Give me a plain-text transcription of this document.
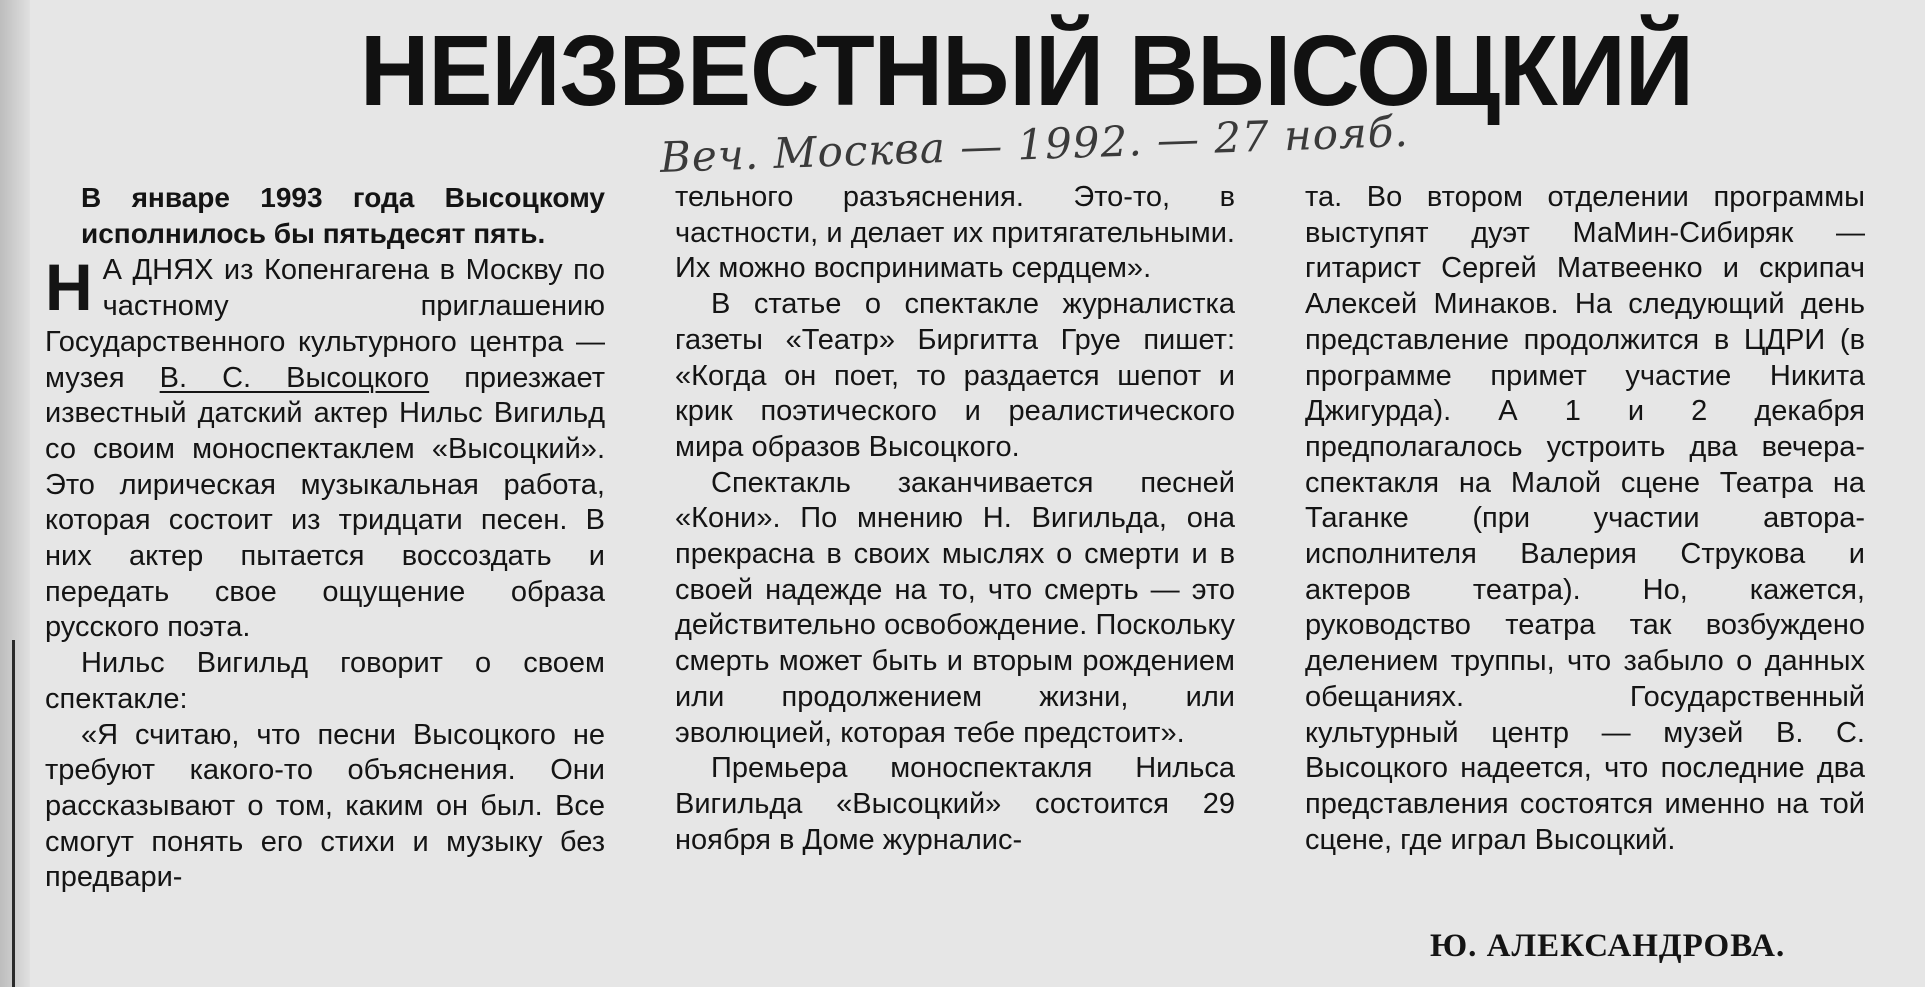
НЕИЗВЕСТНЫЙ ВЫСОЦКИЙ
Веч. Москва — 1992. — 27 нояб.

В январе 1993 года Высоцкому исполнилось бы пятьдесят пять.

НА ДНЯХ из Копенгагена в Москву по частному приглашению Государственного культурного центра — музея В. С. Высоцкого приезжает известный датский актер Нильс Вигильд со своим моноспектаклем «Высоцкий». Это лирическая музыкальная работа, которая состоит из тридцати песен. В них актер пытается воссоздать и передать свое ощущение образа русского поэта.

Нильс Вигильд говорит о своем спектакле:

«Я считаю, что песни Высоцкого не требуют какого-то объяснения. Они рассказывают о том, каким он был. Все смогут понять его стихи и музыку без предвари-

тельного разъяснения. Это-то, в частности, и делает их притягательными. Их можно воспринимать сердцем».

В статье о спектакле журналистка газеты «Театр» Биргитта Груе пишет: «Когда он поет, то раздается шепот и крик поэтического и реалистического мира образов Высоцкого.

Спектакль заканчивается песней «Кони». По мнению Н. Вигильда, она прекрасна в своих мыслях о смерти и в своей надежде на то, что смерть — это действительно освобождение. Поскольку смерть может быть и вторым рождением или продолжением жизни, или эволюцией, которая тебе предстоит».

Премьера моноспектакля Нильса Вигильда «Высоцкий» состоится 29 ноября в Доме журналис-

та. Во втором отделении программы выступят дуэт МаМин-Сибиряк — гитарист Сергей Матвеенко и скрипач Алексей Минаков. На следующий день представление продолжится в ЦДРИ (в программе примет участие Никита Джигурда). А 1 и 2 декабря предполагалось устроить два вечера-спектакля на Малой сцене Театра на Таганке (при участии автора-исполнителя Валерия Струкова и актеров театра). Но, кажется, руководство театра так возбуждено делением труппы, что забыло о данных обещаниях. Государственный культурный центр — музей В. С. Высоцкого надеется, что последние два представления состоятся именно на той сцене, где играл Высоцкий.

Ю. АЛЕКСАНДРОВА.
